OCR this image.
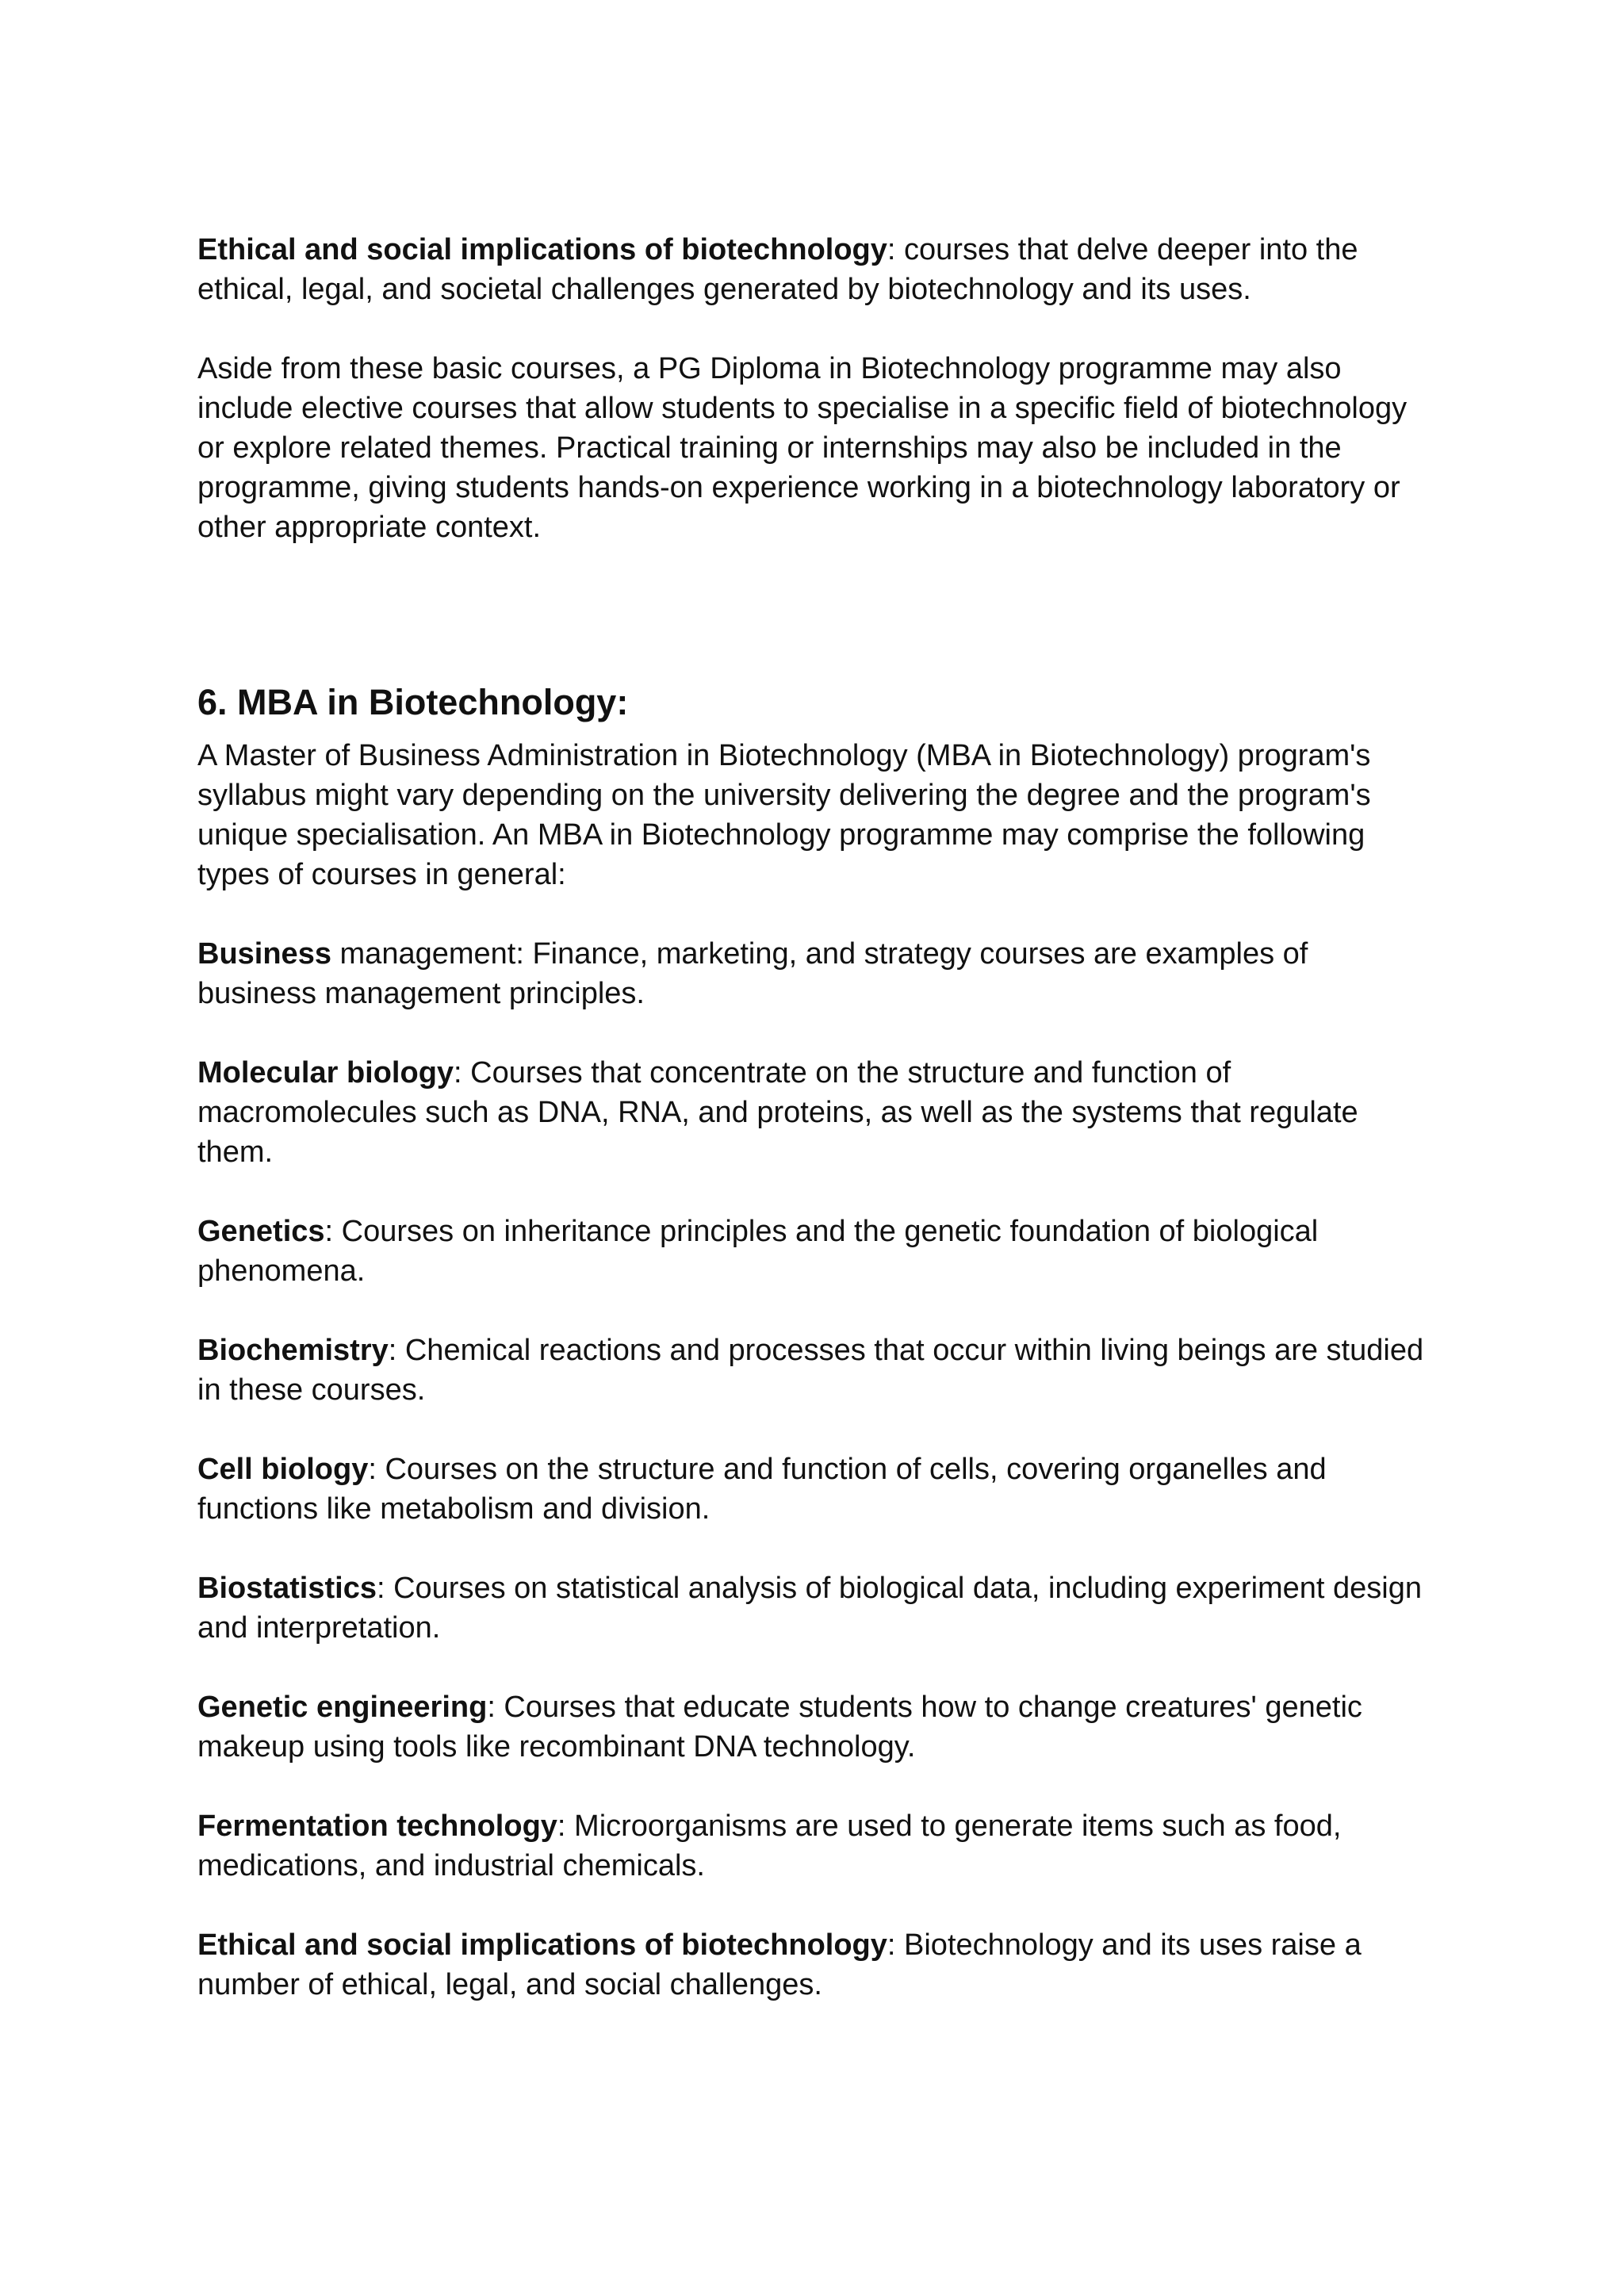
Ethical and social implications of biotechnology: courses that delve deeper into the ethical, legal, and societal challenges generated by biotechnology and its uses.

Aside from these basic courses, a PG Diploma in Biotechnology programme may also include elective courses that allow students to specialise in a specific field of biotechnology or explore related themes. Practical training or internships may also be included in the programme, giving students hands-on experience working in a biotechnology laboratory or other appropriate context.

6. MBA in Biotechnology:

A Master of Business Administration in Biotechnology (MBA in Biotechnology) program's syllabus might vary depending on the university delivering the degree and the program's unique specialisation. An MBA in Biotechnology programme may comprise the following types of courses in general:

Business management: Finance, marketing, and strategy courses are examples of business management principles.

Molecular biology: Courses that concentrate on the structure and function of macromolecules such as DNA, RNA, and proteins, as well as the systems that regulate them.

Genetics: Courses on inheritance principles and the genetic foundation of biological phenomena.

Biochemistry: Chemical reactions and processes that occur within living beings are studied in these courses.

Cell biology: Courses on the structure and function of cells, covering organelles and functions like metabolism and division.

Biostatistics: Courses on statistical analysis of biological data, including experiment design and interpretation.

Genetic engineering: Courses that educate students how to change creatures' genetic makeup using tools like recombinant DNA technology.

Fermentation technology: Microorganisms are used to generate items such as food, medications, and industrial chemicals.

Ethical and social implications of biotechnology: Biotechnology and its uses raise a number of ethical, legal, and social challenges.
